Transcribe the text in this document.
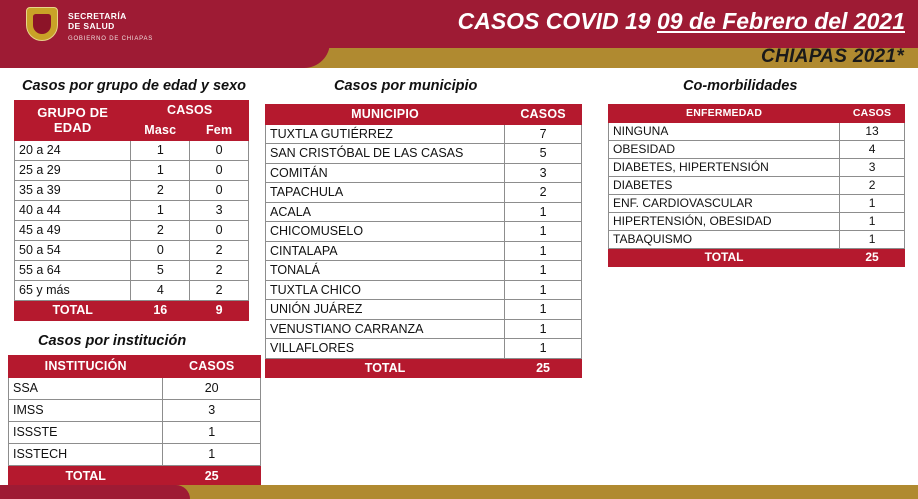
SECRETARÍA
DE SALUD
GOBIERNO DE CHIAPAS
CASOS COVID 19 09 de Febrero del 2021
CHIAPAS 2021*
Casos por grupo de edad y sexo
GRUPO DE EDAD	CASOS	
	Masc	Fem
20 a 24	1	0
25 a 29	1	0
35 a 39	2	0
40 a 44	1	3
45 a 49	2	0
50 a 54	0	2
55 a 64	5	2
65 y más	4	2
TOTAL	16	9
Casos por institución
INSTITUCIÓN	CASOS
SSA	20
IMSS	3
ISSSTE	1
ISSTECH	1
TOTAL	25
Casos por municipio
MUNICIPIO	CASOS
TUXTLA GUTIÉRREZ	7
SAN CRISTÓBAL DE LAS CASAS	5
COMITÁN	3
TAPACHULA	2
ACALA	1
CHICOMUSELO	1
CINTALAPA	1
TONALÁ	1
TUXTLA CHICO	1
UNIÓN JUÁREZ	1
VENUSTIANO CARRANZA	1
VILLAFLORES	1
TOTAL	25
Co-morbilidades
ENFERMEDAD	CASOS
NINGUNA	13
OBESIDAD	4
DIABETES, HIPERTENSIÓN	3
DIABETES	2
ENF. CARDIOVASCULAR	1
HIPERTENSIÓN, OBESIDAD	1
TABAQUISMO	1
TOTAL	25
